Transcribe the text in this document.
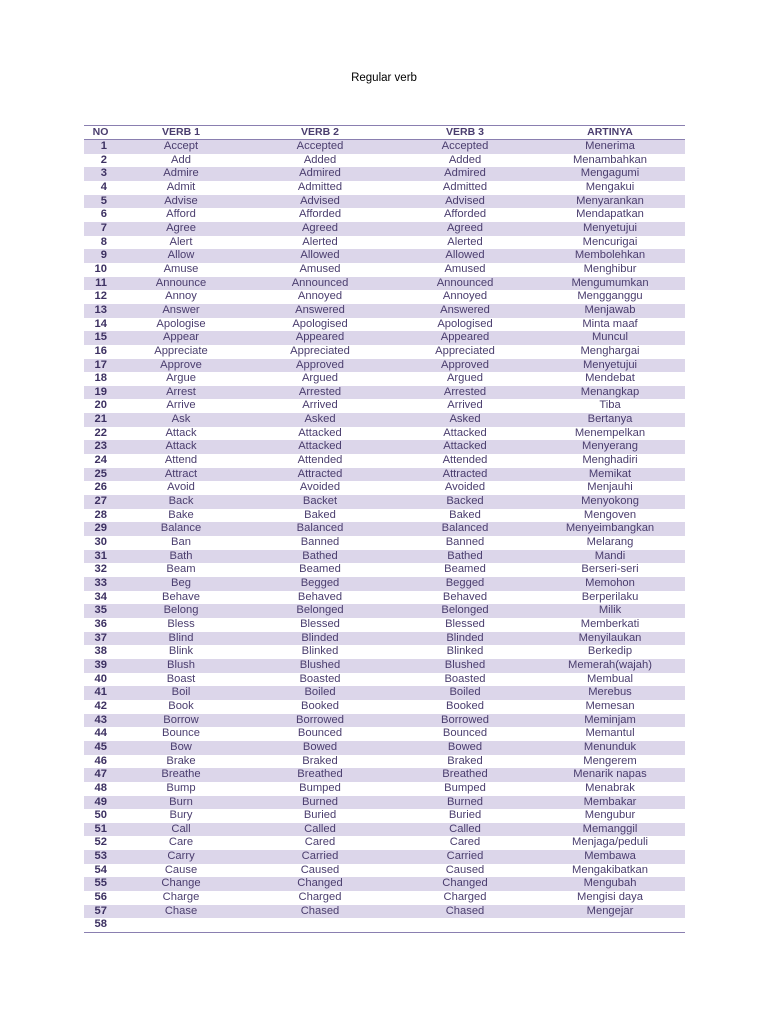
Regular verb
NO	VERB 1	VERB 2	VERB 3	ARTINYA
1	Accept	Accepted	Accepted	Menerima
2	Add	Added	Added	Menambahkan
3	Admire	Admired	Admired	Mengagumi
4	Admit	Admitted	Admitted	Mengakui
5	Advise	Advised	Advised	Menyarankan
6	Afford	Afforded	Afforded	Mendapatkan
7	Agree	Agreed	Agreed	Menyetujui
8	Alert	Alerted	Alerted	Mencurigai
9	Allow	Allowed	Allowed	Membolehkan
10	Amuse	Amused	Amused	Menghibur
11	Announce	Announced	Announced	Mengumumkan
12	Annoy	Annoyed	Annoyed	Mengganggu
13	Answer	Answered	Answered	Menjawab
14	Apologise	Apologised	Apologised	Minta maaf
15	Appear	Appeared	Appeared	Muncul
16	Appreciate	Appreciated	Appreciated	Menghargai
17	Approve	Approved	Approved	Menyetujui
18	Argue	Argued	Argued	Mendebat
19	Arrest	Arrested	Arrested	Menangkap
20	Arrive	Arrived	Arrived	Tiba
21	Ask	Asked	Asked	Bertanya
22	Attack	Attacked	Attacked	Menempelkan
23	Attack	Attacked	Attacked	Menyerang
24	Attend	Attended	Attended	Menghadiri
25	Attract	Attracted	Attracted	Memikat
26	Avoid	Avoided	Avoided	Menjauhi
27	Back	Backet	Backed	Menyokong
28	Bake	Baked	Baked	Mengoven
29	Balance	Balanced	Balanced	Menyeimbangkan
30	Ban	Banned	Banned	Melarang
31	Bath	Bathed	Bathed	Mandi
32	Beam	Beamed	Beamed	Berseri-seri
33	Beg	Begged	Begged	Memohon
34	Behave	Behaved	Behaved	Berperilaku
35	Belong	Belonged	Belonged	Milik
36	Bless	Blessed	Blessed	Memberkati
37	Blind	Blinded	Blinded	Menyilaukan
38	Blink	Blinked	Blinked	Berkedip
39	Blush	Blushed	Blushed	Memerah(wajah)
40	Boast	Boasted	Boasted	Membual
41	Boil	Boiled	Boiled	Merebus
42	Book	Booked	Booked	Memesan
43	Borrow	Borrowed	Borrowed	Meminjam
44	Bounce	Bounced	Bounced	Memantul
45	Bow	Bowed	Bowed	Menunduk
46	Brake	Braked	Braked	Mengerem
47	Breathe	Breathed	Breathed	Menarik napas
48	Bump	Bumped	Bumped	Menabrak
49	Burn	Burned	Burned	Membakar
50	Bury	Buried	Buried	Mengubur
51	Call	Called	Called	Memanggil
52	Care	Cared	Cared	Menjaga/peduli
53	Carry	Carried	Carried	Membawa
54	Cause	Caused	Caused	Mengakibatkan
55	Change	Changed	Changed	Mengubah
56	Charge	Charged	Charged	Mengisi daya
57	Chase	Chased	Chased	Mengejar
58				
